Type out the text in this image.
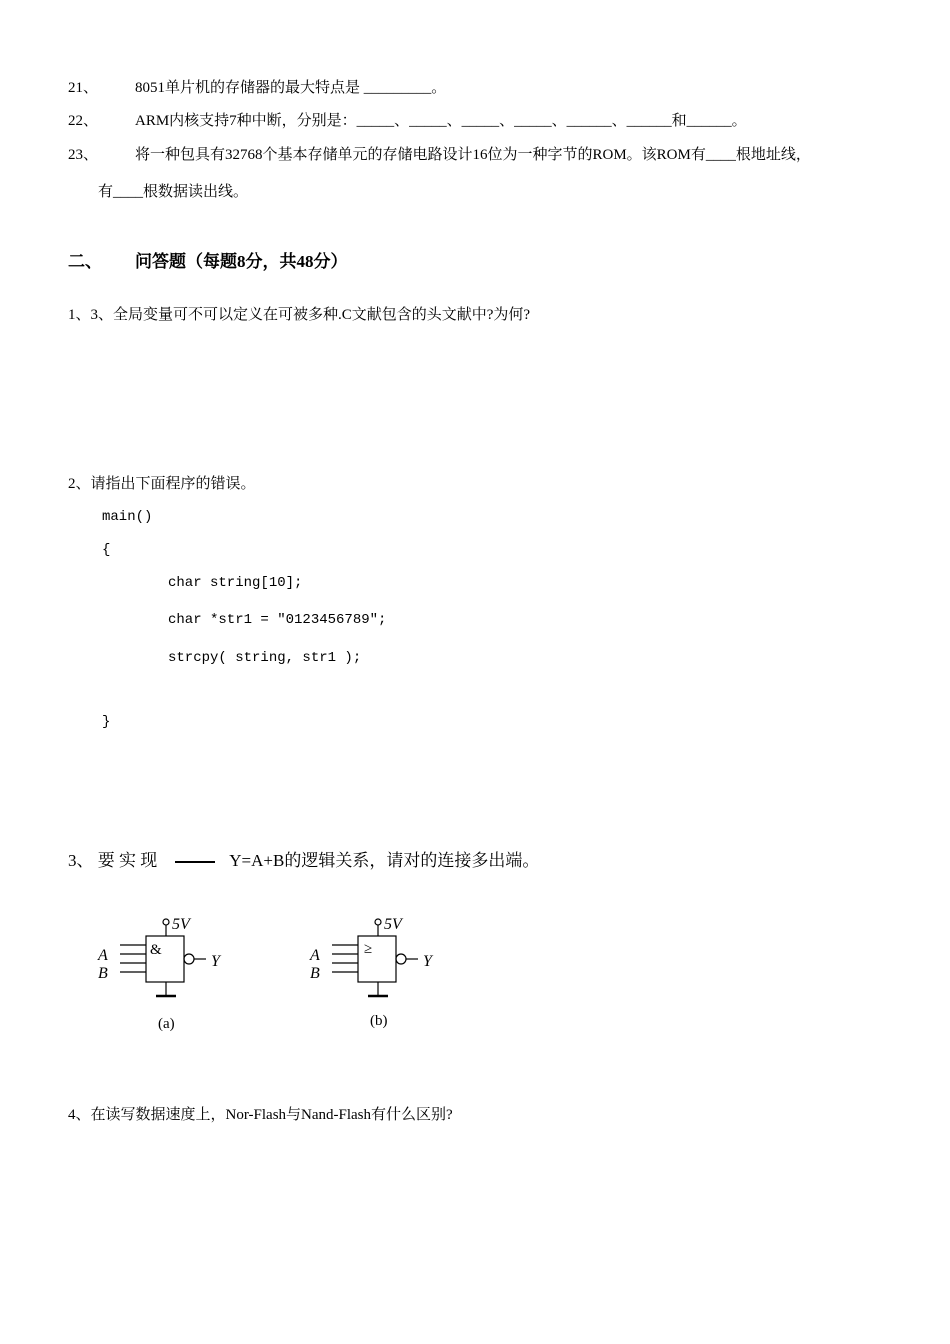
21、 8051单片机的存储器的最大特点是 _________。
22、 ARM内核支持7种中断，分别是：_____、_____、_____、_____、______、______和______。
23、 将一种包具有32768个基本存储单元的存储电路设计16位为一种字节的ROM。该ROM有____根地址线，
有____根数据读出线。
二、 问答题（每题8分，共48分）
1、3、全局变量可不可以定义在可被多种.C文献包含的头文献中?为何?
2、请指出下面程序的错误。
main()
{
char string[10];
char *str1 = "0123456789";
strcpy( string, str1 );
}
3、 要 实 现	Y=A+B的逻辑关系，请对的连接多出端。
5V
&
A
B
Y
(a)
5V
≥
A
B
Y
(b)
4、在读写数据速度上，Nor-Flash与Nand-Flash有什么区别?
